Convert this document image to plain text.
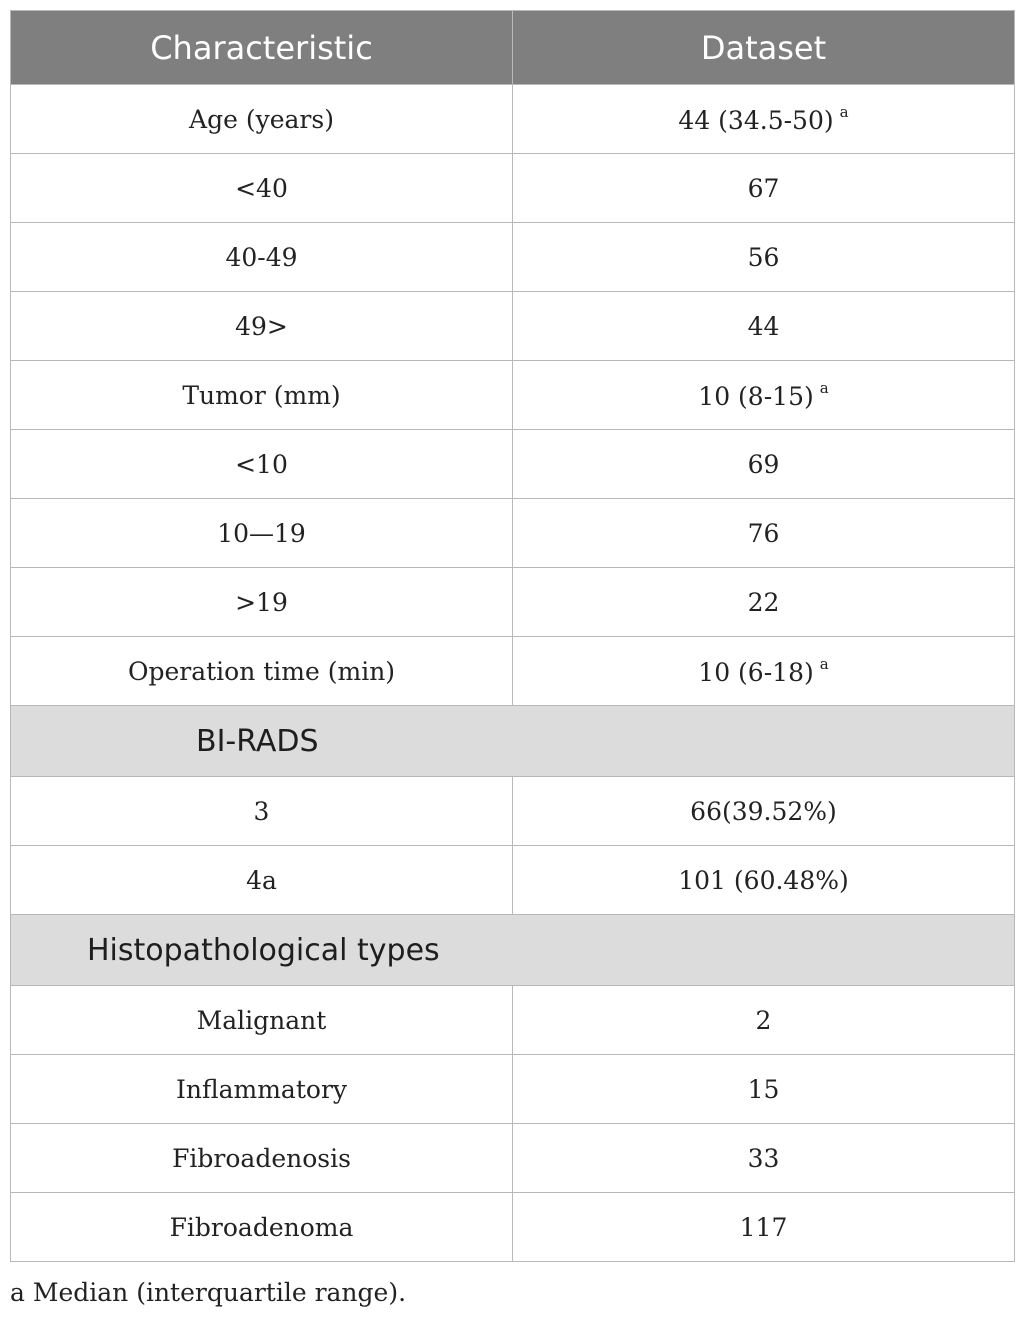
Characteristic	Dataset
Age (years)	44 (34.5-50) $^a$
<40	67
40-49	56
49>	44
Tumor (mm)	10 (8-15) $^a$
<10	69
10—19	76
>19	22
Operation time (min)	10 (6-18) $^a$
BI-RADS	
3	66(39.52%)
4a	101 (60.48%)
Histopathological types	
Malignant	2
Inflammatory	15
Fibroadenosis	33
Fibroadenoma	117
a Median (interquartile range).
